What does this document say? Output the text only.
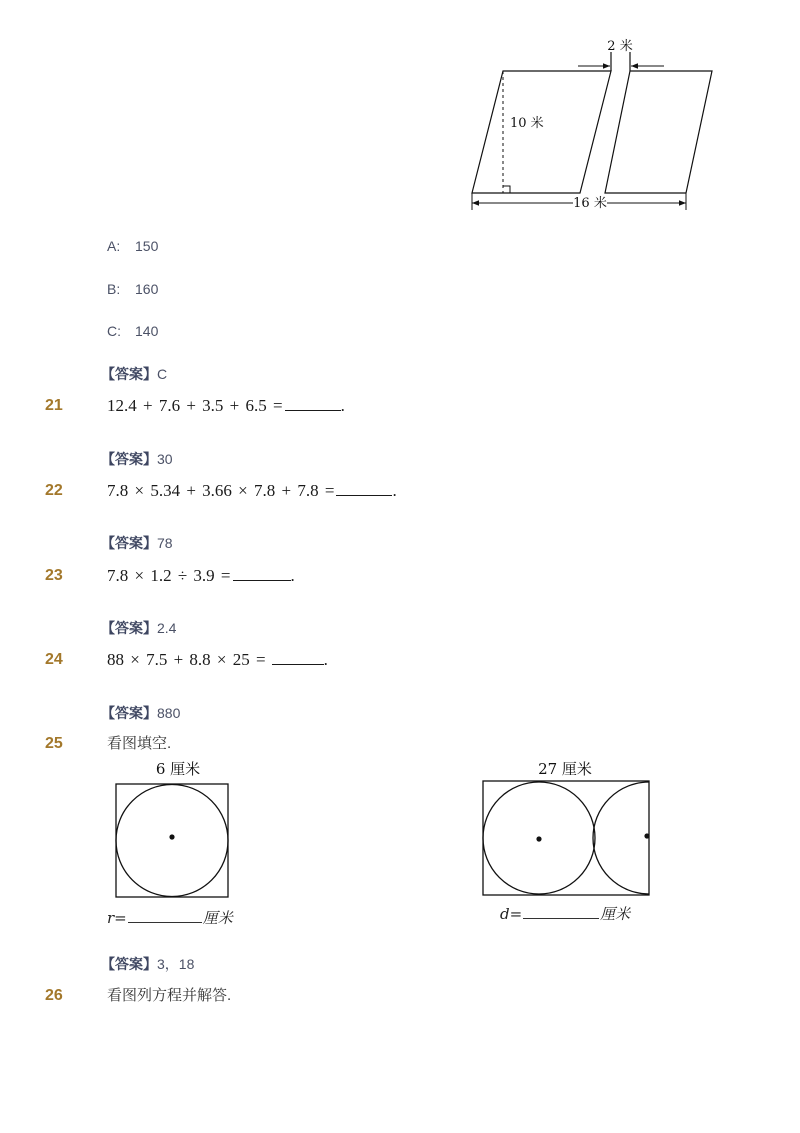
10 米
2 米
16 米
A: 150
B: 160
C: 140
【答案】C
21	12.4 + 7.6 + 3.5 + 6.5 =	.
【答案】30
22	7.8 × 5.34 + 3.66 × 7.8 + 7.8 =	.
【答案】78
23	7.8 × 1.2 ÷ 3.9 =	.
【答案】2.4
24	88 × 7.5 + 8.8 × 25 =	.
【答案】880
25	看图填空.
6 厘米	27 厘米
r=	厘米	d=	厘米
【答案】3，18
26	看图列方程并解答.
